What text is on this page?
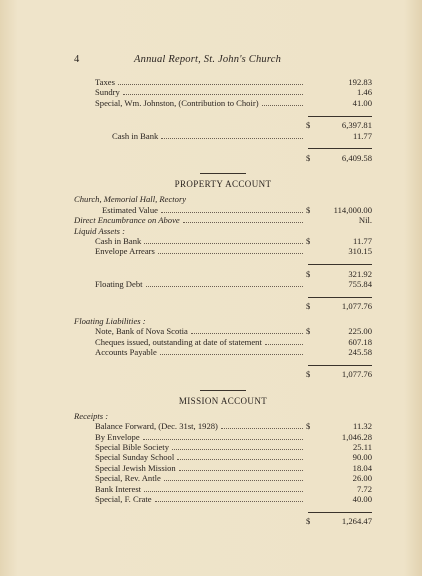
4	Annual Report, St. John's Church
Taxes	192.83
Sundry	1.46
Special, Wm. Johnston, (Contribution to Choir)	41.00
$	6,397.81
Cash in Bank	11.77
$	6,409.58
PROPERTY ACCOUNT
Church, Memorial Hall, Rectory
Estimated Value	$	114,000.00
Direct Encumbrance on Above	Nil.
Liquid Assets :
Cash in Bank	$	11.77
Envelope Arrears	310.15
$	321.92
Floating Debt	755.84
$	1,077.76
Floating Liabilities :
Note, Bank of Nova Scotia	$	225.00
Cheques issued, outstanding at date of statement	607.18
Accounts Payable	245.58
$	1,077.76
MISSION ACCOUNT
Receipts :
Balance Forward, (Dec. 31st, 1928)	$	11.32
By Envelope	1,046.28
Special Bible Society	25.11
Special Sunday School	90.00
Special Jewish Mission	18.04
Special, Rev. Antle	26.00
Bank Interest	7.72
Special, F. Crate	40.00
$	1,264.47
